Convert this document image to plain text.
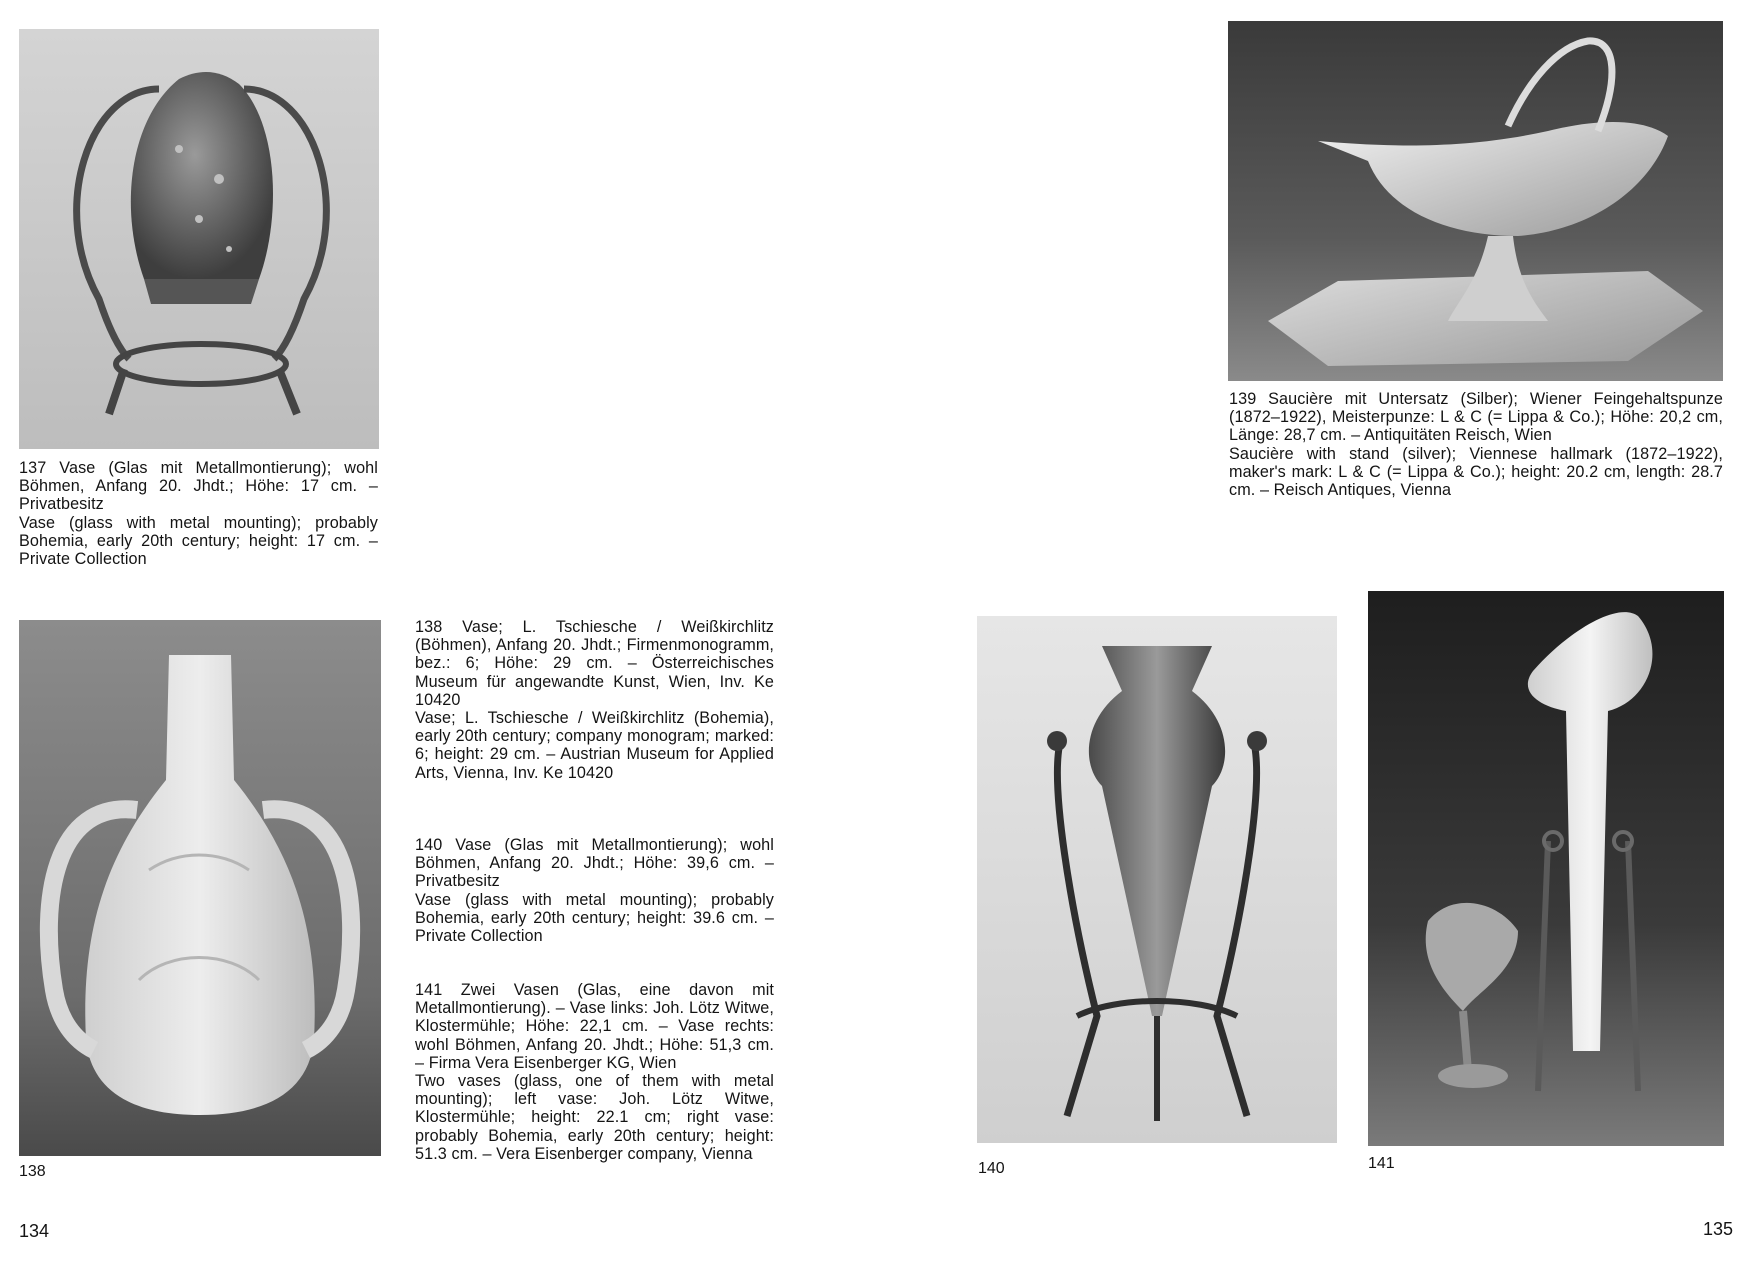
137 Vase (Glas mit Metallmontierung); wohl Böhmen, Anfang 20. Jhdt.; Höhe: 17 cm. – Privatbesitz

Vase (glass with metal mounting); probably Bohemia, early 20th century; height: 17 cm. – Private Collection

138

138 Vase; L. Tschiesche / Weißkirchlitz (Böhmen), Anfang 20. Jhdt.; Firmenmonogramm, bez.: 6; Höhe: 29 cm. – Österreichisches Museum für angewandte Kunst, Wien, Inv. Ke 10420

Vase; L. Tschiesche / Weißkirchlitz (Bohemia), early 20th century; company monogram; marked: 6; height: 29 cm. – Austrian Museum for Applied Arts, Vienna, Inv. Ke 10420

140 Vase (Glas mit Metallmontierung); wohl Böhmen, Anfang 20. Jhdt.; Höhe: 39,6 cm. – Privatbesitz

Vase (glass with metal mounting); probably Bohemia, early 20th century; height: 39.6 cm. – Private Collection

141 Zwei Vasen (Glas, eine davon mit Metallmontierung). – Vase links: Joh. Lötz Witwe, Klostermühle; Höhe: 22,1 cm. – Vase rechts: wohl Böhmen, Anfang 20. Jhdt.; Höhe: 51,3 cm. – Firma Vera Eisenberger KG, Wien

Two vases (glass, one of them with metal mounting); left vase: Joh. Lötz Witwe, Klostermühle; height: 22.1 cm; right vase: probably Bohemia, early 20th century; height: 51.3 cm. – Vera Eisenberger company, Vienna

134

139 Saucière mit Untersatz (Silber); Wiener Feingehaltspunze (1872–1922), Meisterpunze: L & C (= Lippa & Co.); Höhe: 20,2 cm, Länge: 28,7 cm. – Antiquitäten Reisch, Wien

Saucière with stand (silver); Viennese hallmark (1872–1922), maker's mark: L & C (= Lippa & Co.); height: 20.2 cm, length: 28.7 cm. – Reisch Antiques, Vienna

140	141
135
